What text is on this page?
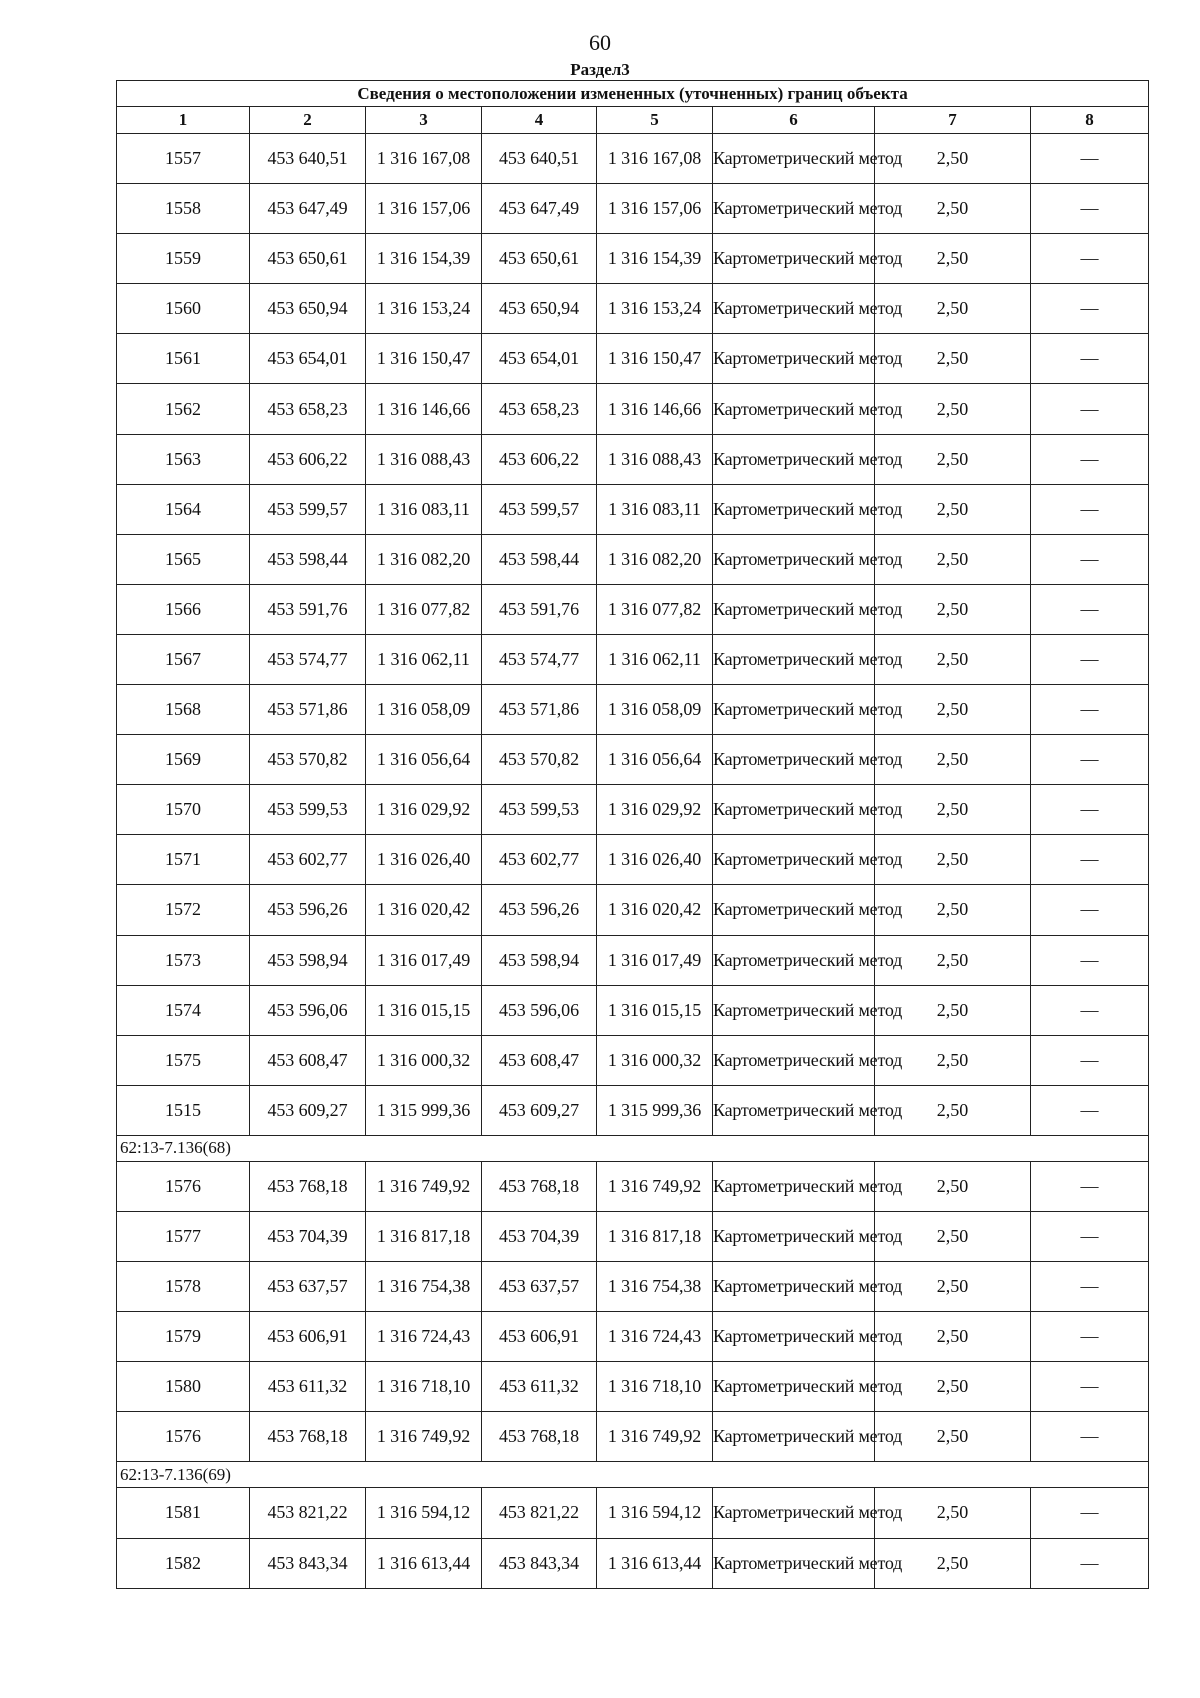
60
Раздел3
Сведения о местоположении измененных (уточненных) границ объекта							
1	2	3	4	5	6	7	8
1557	453 640,51	1 316 167,08	453 640,51	1 316 167,08	Картометрический метод	2,50	—
1558	453 647,49	1 316 157,06	453 647,49	1 316 157,06	Картометрический метод	2,50	—
1559	453 650,61	1 316 154,39	453 650,61	1 316 154,39	Картометрический метод	2,50	—
1560	453 650,94	1 316 153,24	453 650,94	1 316 153,24	Картометрический метод	2,50	—
1561	453 654,01	1 316 150,47	453 654,01	1 316 150,47	Картометрический метод	2,50	—
1562	453 658,23	1 316 146,66	453 658,23	1 316 146,66	Картометрический метод	2,50	—
1563	453 606,22	1 316 088,43	453 606,22	1 316 088,43	Картометрический метод	2,50	—
1564	453 599,57	1 316 083,11	453 599,57	1 316 083,11	Картометрический метод	2,50	—
1565	453 598,44	1 316 082,20	453 598,44	1 316 082,20	Картометрический метод	2,50	—
1566	453 591,76	1 316 077,82	453 591,76	1 316 077,82	Картометрический метод	2,50	—
1567	453 574,77	1 316 062,11	453 574,77	1 316 062,11	Картометрический метод	2,50	—
1568	453 571,86	1 316 058,09	453 571,86	1 316 058,09	Картометрический метод	2,50	—
1569	453 570,82	1 316 056,64	453 570,82	1 316 056,64	Картометрический метод	2,50	—
1570	453 599,53	1 316 029,92	453 599,53	1 316 029,92	Картометрический метод	2,50	—
1571	453 602,77	1 316 026,40	453 602,77	1 316 026,40	Картометрический метод	2,50	—
1572	453 596,26	1 316 020,42	453 596,26	1 316 020,42	Картометрический метод	2,50	—
1573	453 598,94	1 316 017,49	453 598,94	1 316 017,49	Картометрический метод	2,50	—
1574	453 596,06	1 316 015,15	453 596,06	1 316 015,15	Картометрический метод	2,50	—
1575	453 608,47	1 316 000,32	453 608,47	1 316 000,32	Картометрический метод	2,50	—
1515	453 609,27	1 315 999,36	453 609,27	1 315 999,36	Картометрический метод	2,50	—
62:13-7.136(68)							
1576	453 768,18	1 316 749,92	453 768,18	1 316 749,92	Картометрический метод	2,50	—
1577	453 704,39	1 316 817,18	453 704,39	1 316 817,18	Картометрический метод	2,50	—
1578	453 637,57	1 316 754,38	453 637,57	1 316 754,38	Картометрический метод	2,50	—
1579	453 606,91	1 316 724,43	453 606,91	1 316 724,43	Картометрический метод	2,50	—
1580	453 611,32	1 316 718,10	453 611,32	1 316 718,10	Картометрический метод	2,50	—
1576	453 768,18	1 316 749,92	453 768,18	1 316 749,92	Картометрический метод	2,50	—
62:13-7.136(69)							
1581	453 821,22	1 316 594,12	453 821,22	1 316 594,12	Картометрический метод	2,50	—
1582	453 843,34	1 316 613,44	453 843,34	1 316 613,44	Картометрический метод	2,50	—
